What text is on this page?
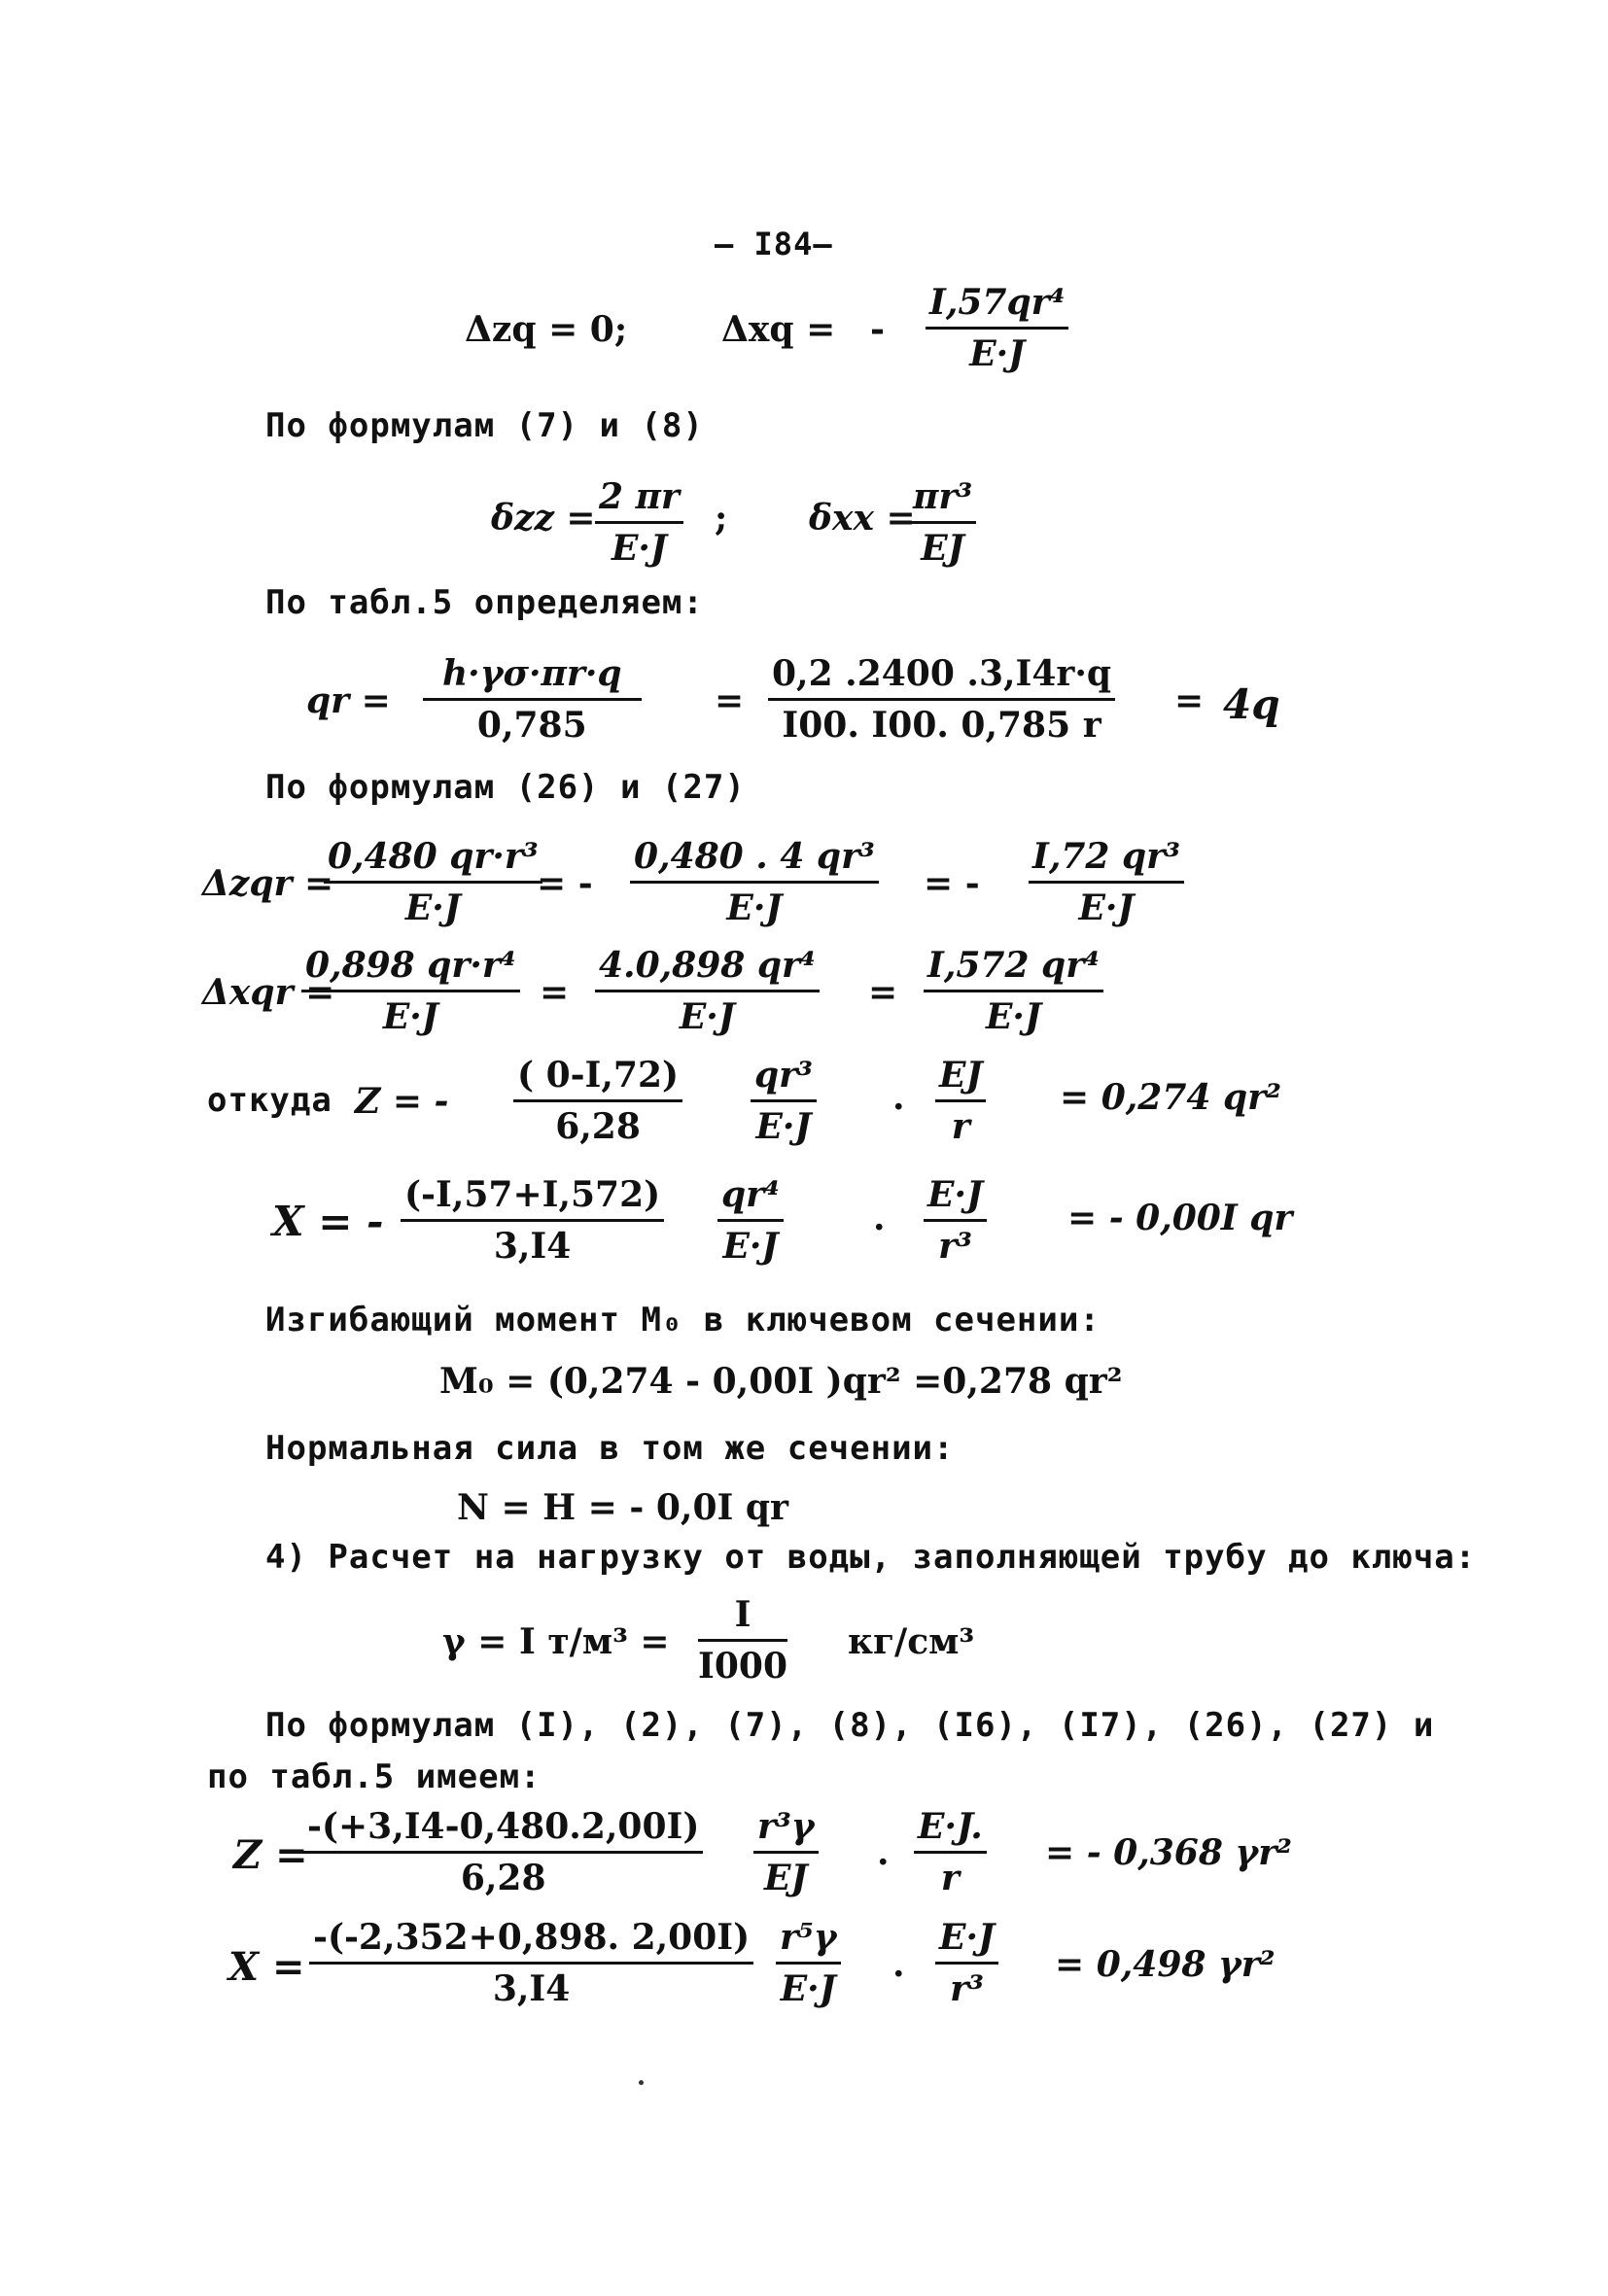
— I84—
Δzq = 0;	Δxq = - $\frac{\text{I,57qr⁴}}{E\cdot J}$
По формулам (7) и (8)
$\delta zz = \frac{2 \pi r}{E\cdot J}$ ; δxx =
$\frac{\text{πr³}}{EJ}$
По табл.5 определяем:
qr = $\frac{h\cdot\gamma\sigma\cdot\pi r\cdot q}{0,785} = \frac{0,2 .2400 .3,I4r\cdot q}{I00. I00. 0,785 r} = 4q$
По формулам (26) и (27)
Δzqr =
$\frac{\text{0,480 qr·r³}}{E\cdot J}$
= - $\frac{\text{0,480 . 4 qr³}}{E\cdot J}$ = - $\frac{\text{I,72 qr³}}{E\cdot J}$
Δxqr =
$\frac{\text{0,898 qr·r⁴}}{E\cdot J} = \frac{\text{4.0,898 qr⁴}}{E\cdot J} = \frac{\text{I,572 qr⁴}}{E\cdot J}$
откуда Z = - $\frac{( 0-I,72)}{6,28} \frac{\text{qr³}}{E\cdot J}$ . $\frac{EJ}{r} = 0,274$ qr²
X = - $\frac{(-I,57+I,572)}{3,I4} \frac{\text{qr⁴}}{E\cdot J}$	. $\frac{E\cdot J}{\text{r³}}$ = - 0,00I qr
Изгибающий момент M₀ в ключевом сечении:
M₀ = (0,274 - 0,00I )qr² =0,278 qr²
Нормальная сила в том же сечении:
N = H = - 0,0I qr
4) Расчет на нагрузку от воды, заполняющей трубу до ключа:
γ = I $т/м^3 = \frac{I}{I000} кг/см^3$
По формулам (I), (2), (7), (8), (I6), (I7), (26), (27) и
по табл.5 имеем:
Z =
$\frac{-(+3,I4-0,480.2,00I)}{6,28} \frac{\text{r³γ}}{EJ}$ . $\frac{E\cdot J.}{r}$ = - 0,368 γr²
$X = \frac{-(-2,352+0,898. 2,00I)}{3,I4} \frac{\text{r⁵γ}}{E\cdot J}$ . $\frac{E\cdot J}{\text{r³}} = 0,498$ γr²
